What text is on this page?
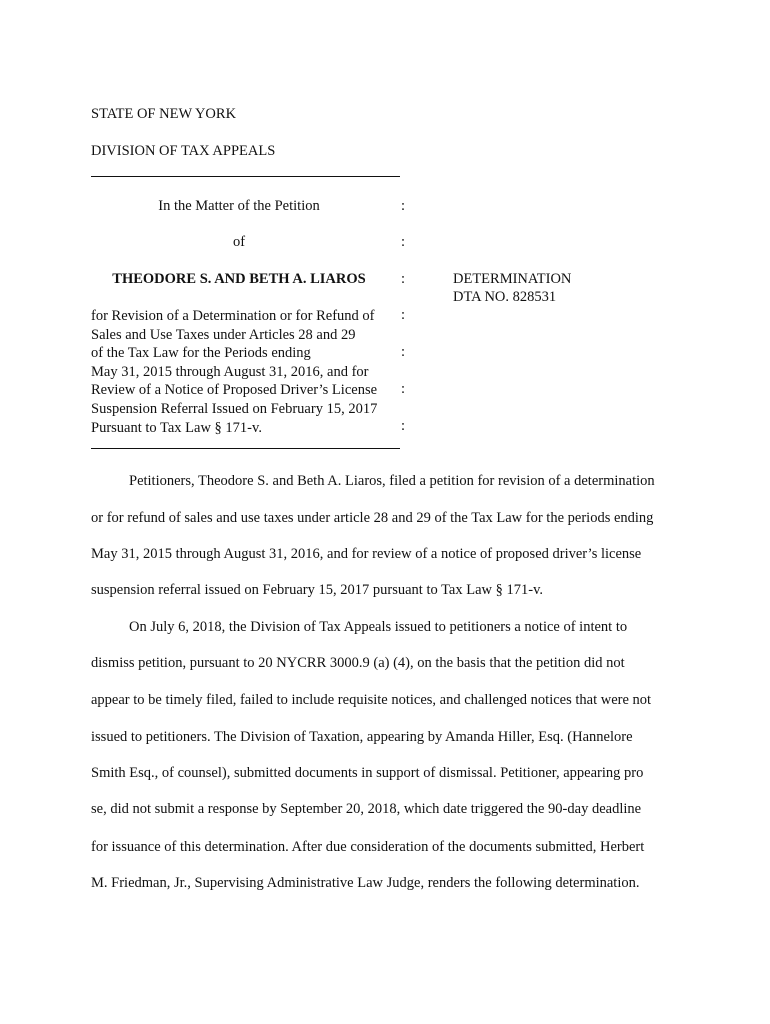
STATE OF NEW YORK
DIVISION OF TAX APPEALS
In the Matter of the Petition
of
THEODORE S. AND BETH A. LIAROS
for Revision of a Determination or for Refund of
Sales and Use Taxes under Articles 28 and 29
of the Tax Law for the Periods ending
May 31, 2015 through August 31, 2016, and for
Review of a Notice of Proposed Driver’s License
Suspension Referral Issued on February 15, 2017
Pursuant to Tax Law § 171-v.
:
:
:
:
:
:
:
DETERMINATION
DTA NO. 828531
Petitioners, Theodore S. and Beth A. Liaros, filed a petition for revision of a determination
or for refund of sales and use taxes under article 28 and 29 of the Tax Law for the periods ending
May 31, 2015 through August 31, 2016, and for review of a notice of proposed driver’s license
suspension referral issued on February 15, 2017 pursuant to Tax Law § 171-v.
On July 6, 2018, the Division of Tax Appeals issued to petitioners a notice of intent to
dismiss petition, pursuant to 20 NYCRR 3000.9 (a) (4), on the basis that the petition did not
appear to be timely filed, failed to include requisite notices, and challenged notices that were not
issued to petitioners. The Division of Taxation, appearing by Amanda Hiller, Esq. (Hannelore
Smith Esq., of counsel), submitted documents in support of dismissal. Petitioner, appearing pro
se, did not submit a response by September 20, 2018, which date triggered the 90-day deadline
for issuance of this determination. After due consideration of the documents submitted, Herbert
M. Friedman, Jr., Supervising Administrative Law Judge, renders the following determination.
